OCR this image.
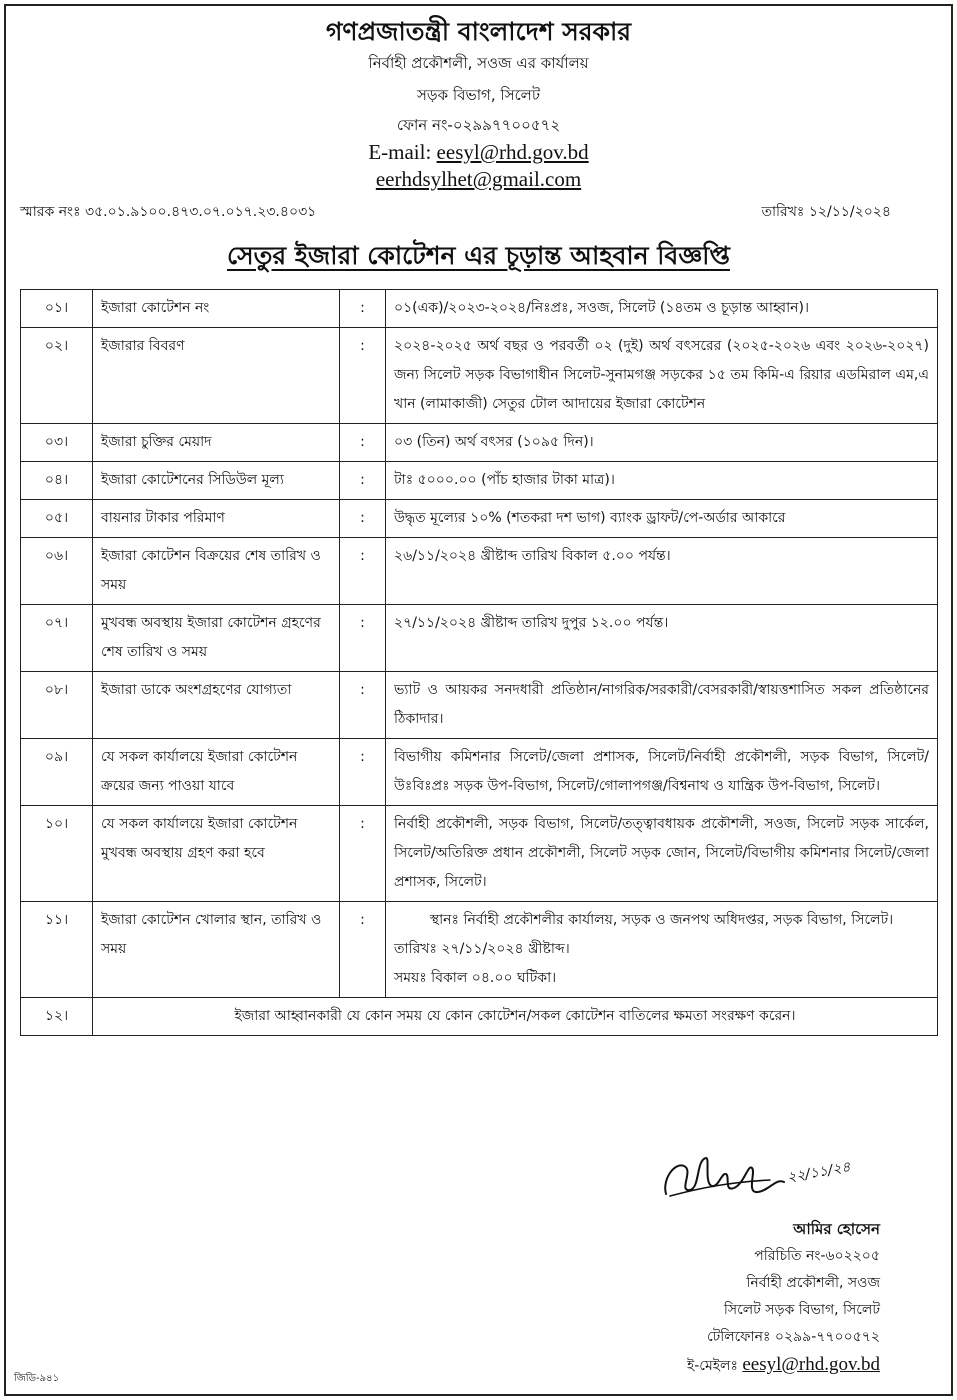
গণপ্রজাতন্ত্রী বাংলাদেশ সরকার
নির্বাহী প্রকৌশলী, সওজ এর কার্যালয়
সড়ক বিভাগ, সিলেট
ফোন নং-০২৯৯৭৭০০৫৭২
E-mail: eesyl@rhd.gov.bd
eerhdsylhet@gmail.com
স্মারক নংঃ ৩৫.০১.৯১০০.৪৭৩.০৭.০১৭.২৩.৪০৩১	তারিখঃ ১২/১১/২০২৪
সেতুর ইজারা কোটেশন এর চূড়ান্ত আহবান বিজ্ঞপ্তি
০১।	ইজারা কোটেশন নং	:	০১(এক)/২০২৩-২০২৪/নিঃপ্রঃ, সওজ, সিলেট (১৪তম ও চূড়ান্ত আহ্বান)।
০২।	ইজারার বিবরণ	:	২০২৪-২০২৫ অর্থ বছর ও পরবর্তী ০২ (দুই) অর্থ বৎসরের (২০২৫-২০২৬ এবং ২০২৬-২০২৭) জন্য সিলেট সড়ক বিভাগাধীন সিলেট-সুনামগঞ্জ সড়কের ১৫ তম কিমি-এ রিয়ার এডমিরাল এম,এ খান (লামাকাজী) সেতুর টোল আদায়ের ইজারা কোটেশন
০৩।	ইজারা চুক্তির মেয়াদ	:	০৩ (তিন) অর্থ বৎসর (১০৯৫ দিন)।
০৪।	ইজারা কোটেশনের সিডিউল মূল্য	:	টাঃ ৫০০০.০০ (পাঁচ হাজার টাকা মাত্র)।
০৫।	বায়নার টাকার পরিমাণ	:	উদ্ধৃত মূল্যের ১০% (শতকরা দশ ভাগ) ব্যাংক ড্রাফট/পে-অর্ডার আকারে
০৬।	ইজারা কোটেশন বিক্রয়ের শেষ তারিখ ও সময়	:	২৬/১১/২০২৪ খ্রীষ্টাব্দ তারিখ বিকাল ৫.০০ পর্যন্ত।
০৭।	মুখবন্ধ অবস্থায় ইজারা কোটেশন গ্রহণের শেষ তারিখ ও সময়	:	২৭/১১/২০২৪ খ্রীষ্টাব্দ তারিখ দুপুর ১২.০০ পর্যন্ত।
০৮।	ইজারা ডাকে অংশগ্রহণের যোগ্যতা	:	ভ্যাট ও আয়কর সনদধারী প্রতিষ্ঠান/নাগরিক/সরকারী/বেসরকারী/স্বায়ত্তশাসিত সকল প্রতিষ্ঠানের ঠিকাদার।
০৯।	যে সকল কার্যালয়ে ইজারা কোটেশন ক্রয়ের জন্য পাওয়া যাবে	:	বিভাগীয় কমিশনার সিলেট/জেলা প্রশাসক, সিলেট/নির্বাহী প্রকৌশলী, সড়ক বিভাগ, সিলেট/উঃবিঃপ্রঃ সড়ক উপ-বিভাগ, সিলেট/গোলাপগঞ্জ/বিশ্বনাথ ও যান্ত্রিক উপ-বিভাগ, সিলেট।
১০।	যে সকল কার্যালয়ে ইজারা কোটেশন মুখবন্ধ অবস্থায় গ্রহণ করা হবে	:	নির্বাহী প্রকৌশলী, সড়ক বিভাগ, সিলেট/তত্ত্বাবধায়ক প্রকৌশলী, সওজ, সিলেট সড়ক সার্কেল, সিলেট/অতিরিক্ত প্রধান প্রকৌশলী, সিলেট সড়ক জোন, সিলেট/বিভাগীয় কমিশনার সিলেট/জেলা প্রশাসক, সিলেট।
১১।	ইজারা কোটেশন খোলার স্থান, তারিখ ও সময়	:	স্থানঃ নির্বাহী প্রকৌশলীর কার্যালয়, সড়ক ও জনপথ অধিদপ্তর, সড়ক বিভাগ, সিলেট।
তারিখঃ ২৭/১১/২০২৪ খ্রীষ্টাব্দ।
সময়ঃ বিকাল ০৪.০০ ঘটিকা।

১২।	ইজারা আহ্বানকারী যে কোন সময় যে কোন কোটেশন/সকল কোটেশন বাতিলের ক্ষমতা সংরক্ষণ করেন।		
২২/১১/২৪
আমির হোসেন
পরিচিতি নং-৬০২২০৫
নির্বাহী প্রকৌশলী, সওজ
সিলেট সড়ক বিভাগ, সিলেট
টেলিফোনঃ ০২৯৯-৭৭০০৫৭২
ই-মেইলঃ eesyl@rhd.gov.bd
জিডি-৯৪১
